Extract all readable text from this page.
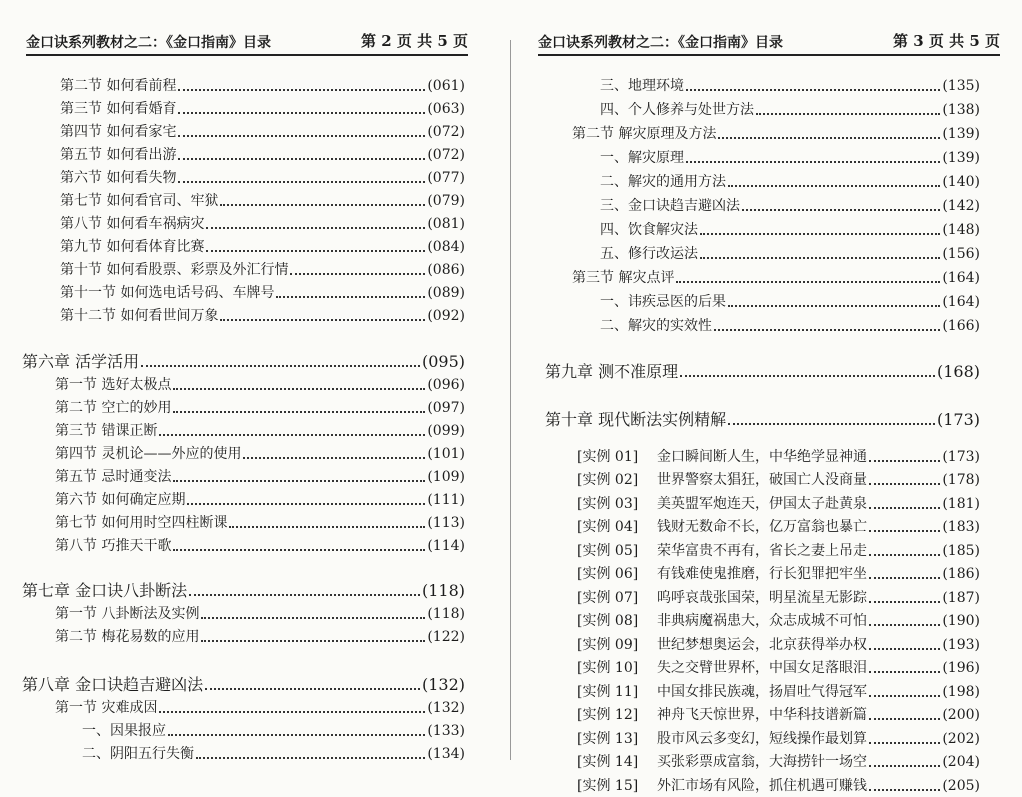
金口诀系列教材之二：《金口指南》目录	第 2 页 共 5 页
第二节 如何看前程	(061)
第三节 如何看婚育	(063)
第四节 如何看家宅	(072)
第五节 如何看出游	(072)
第六节 如何看失物	(077)
第七节 如何看官司、牢狱	(079)
第八节 如何看车祸病灾	(081)
第九节 如何看体育比赛	(084)
第十节 如何看股票、彩票及外汇行情	(086)
第十一节 如何选电话号码、车牌号	(089)
第十二节 如何看世间万象	(092)
第六章 活学活用	(095)
第一节 选好太极点	(096)
第二节 空亡的妙用	(097)
第三节 错课正断	(099)
第四节 灵机论——外应的使用	(101)
第五节 忌时通变法	(109)
第六节 如何确定应期	(111)
第七节 如何用时空四柱断课	(113)
第八节 巧推天干歌	(114)
第七章 金口诀八卦断法	(118)
第一节 八卦断法及实例	(118)
第二节 梅花易数的应用	(122)
第八章 金口诀趋吉避凶法	(132)
第一节 灾难成因	(132)
一、因果报应	(133)
二、阴阳五行失衡	(134)
金口诀系列教材之二：《金口指南》目录	第 3 页 共 5 页
三、地理环境	(135)
四、个人修养与处世方法	(138)
第二节 解灾原理及方法	(139)
一、解灾原理	(139)
二、解灾的通用方法	(140)
三、金口诀趋吉避凶法	(142)
四、饮食解灾法	(148)
五、修行改运法	(156)
第三节 解灾点评	(164)
一、讳疾忌医的后果	(164)
二、解灾的实效性	(166)
第九章 测不准原理	(168)
第十章 现代断法实例精解	(173)
[实例 01]	金口瞬间断人生，中华绝学显神通	(173)
[实例 02]	世界警察太猖狂，破国亡人没商量	(178)
[实例 03]	美英盟军炮连天，伊国太子赴黄泉	(181)
[实例 04]	钱财无数命不长，亿万富翁也暴亡	(183)
[实例 05]	荣华富贵不再有，省长之妻上吊走	(185)
[实例 06]	有钱难使鬼推磨，行长犯罪把牢坐	(186)
[实例 07]	呜呼哀哉张国荣，明星流星无影踪	(187)
[实例 08]	非典病魔祸患大，众志成城不可怕	(190)
[实例 09]	世纪梦想奥运会，北京获得举办权	(193)
[实例 10]	失之交臂世界杯，中国女足落眼泪	(196)
[实例 11]	中国女排民族魂，扬眉吐气得冠军	(198)
[实例 12]	神舟飞天惊世界，中华科技谱新篇	(200)
[实例 13]	股市风云多变幻，短线操作最划算	(202)
[实例 14]	买张彩票成富翁，大海捞针一场空	(204)
[实例 15]	外汇市场有风险，抓住机遇可赚钱	(205)
